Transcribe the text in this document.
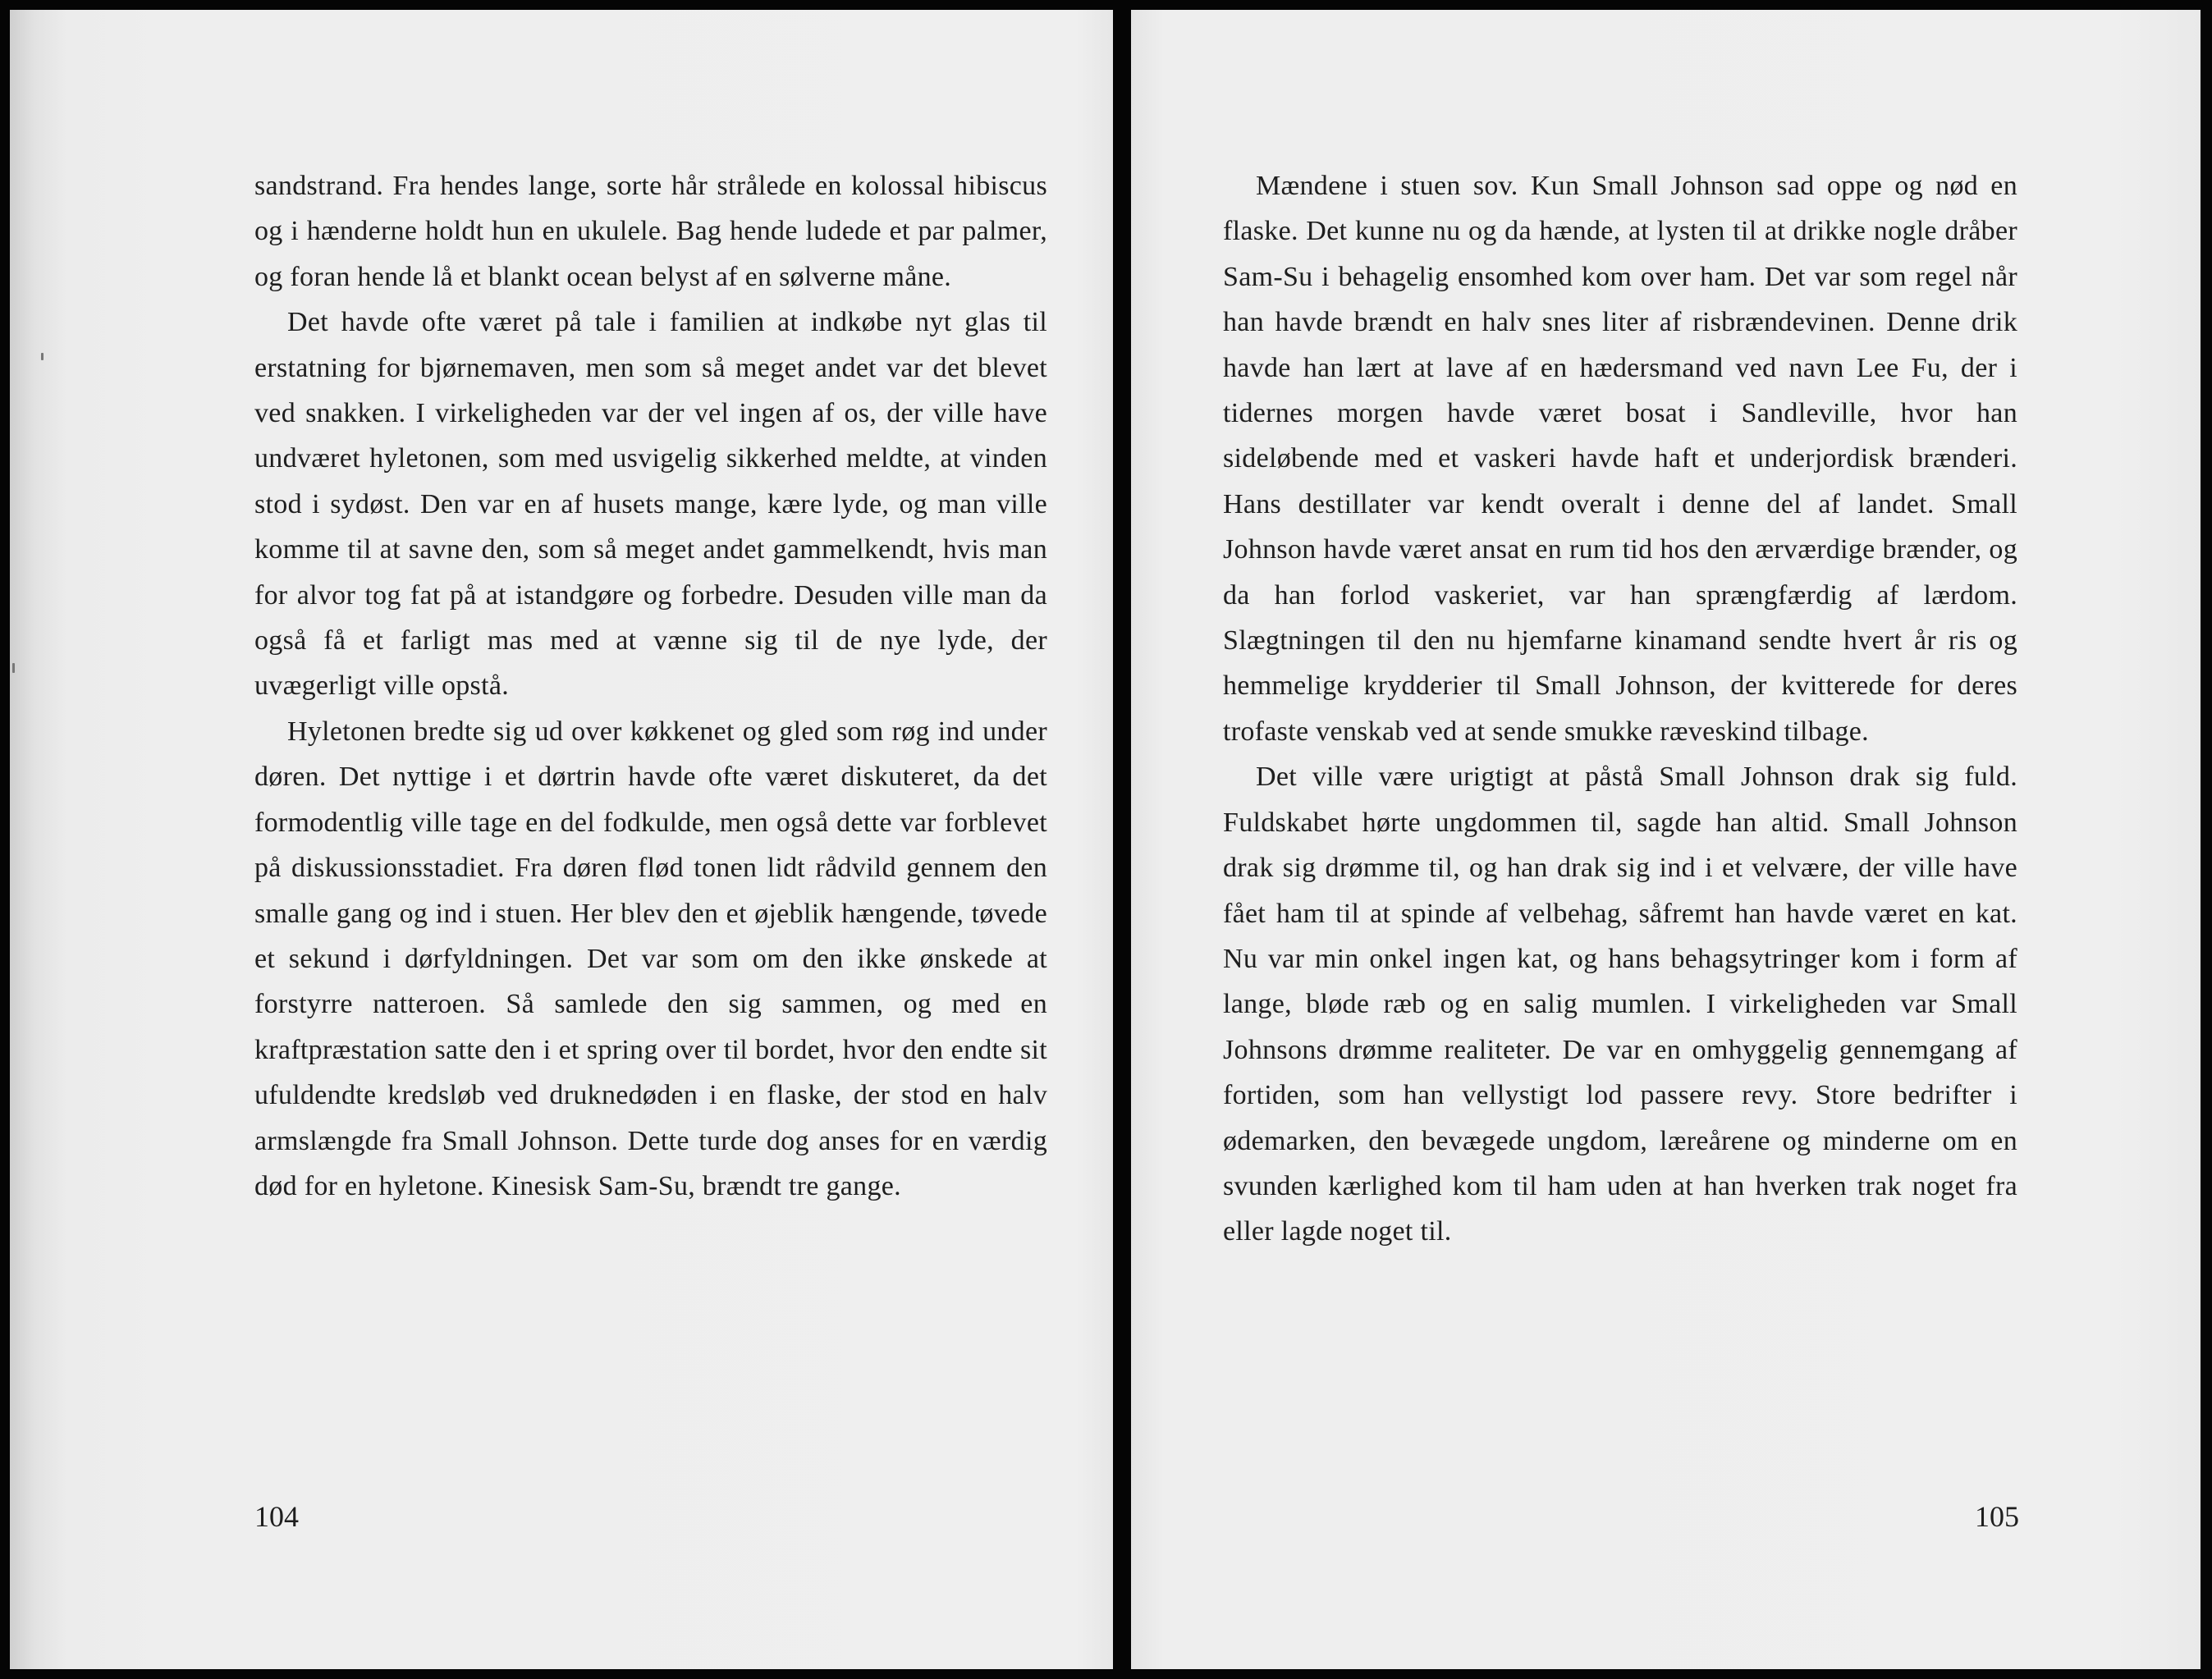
sandstrand. Fra hendes lange, sorte hår strålede en kolossal hibiscus og i hænderne holdt hun en ukulele. Bag hende ludede et par palmer, og foran hende lå et blankt ocean belyst af en sølverne måne.

Det havde ofte været på tale i familien at indkøbe nyt glas til erstatning for bjørnemaven, men som så meget andet var det blevet ved snakken. I virkeligheden var der vel ingen af os, der ville have undværet hyletonen, som med usvigelig sikkerhed meldte, at vinden stod i sydøst. Den var en af husets mange, kære lyde, og man ville komme til at savne den, som så meget andet gammelkendt, hvis man for alvor tog fat på at istandgøre og forbedre. Desuden ville man da også få et farligt mas med at vænne sig til de nye lyde, der uvægerligt ville opstå.

Hyletonen bredte sig ud over køkkenet og gled som røg ind under døren. Det nyttige i et dørtrin havde ofte været diskuteret, da det formodentlig ville tage en del fodkulde, men også dette var forblevet på diskussionsstadiet. Fra døren flød tonen lidt rådvild gennem den smalle gang og ind i stuen. Her blev den et øjeblik hængende, tøvede et sekund i dørfyldningen. Det var som om den ikke ønskede at forstyrre natteroen. Så samlede den sig sammen, og med en kraftpræstation satte den i et spring over til bordet, hvor den endte sit ufuldendte kredsløb ved druknedøden i en flaske, der stod en halv armslængde fra Small Johnson. Dette turde dog anses for en værdig død for en hyletone. Kinesisk Sam-Su, brændt tre gange.

104

Mændene i stuen sov. Kun Small Johnson sad oppe og nød en flaske. Det kunne nu og da hænde, at lysten til at drikke nogle dråber Sam-Su i behagelig ensomhed kom over ham. Det var som regel når han havde brændt en halv snes liter af risbrændevinen. Denne drik havde han lært at lave af en hædersmand ved navn Lee Fu, der i tidernes morgen havde været bosat i Sandleville, hvor han sideløbende med et vaskeri havde haft et underjordisk brænderi. Hans destillater var kendt overalt i denne del af landet. Small Johnson havde været ansat en rum tid hos den ærværdige brænder, og da han forlod vaskeriet, var han sprængfærdig af lærdom. Slægtningen til den nu hjemfarne kinamand sendte hvert år ris og hemmelige krydderier til Small Johnson, der kvitterede for deres trofaste venskab ved at sende smukke ræveskind tilbage.

Det ville være urigtigt at påstå Small Johnson drak sig fuld. Fuldskabet hørte ungdommen til, sagde han altid. Small Johnson drak sig drømme til, og han drak sig ind i et velvære, der ville have fået ham til at spinde af velbehag, såfremt han havde været en kat. Nu var min onkel ingen kat, og hans behagsytringer kom i form af lange, bløde ræb og en salig mumlen. I virkeligheden var Small Johnsons drømme realiteter. De var en omhyggelig gennemgang af fortiden, som han vellystigt lod passere revy. Store bedrifter i ødemarken, den bevægede ungdom, læreårene og minderne om en svunden kærlighed kom til ham uden at han hverken trak noget fra eller lagde noget til.

105
